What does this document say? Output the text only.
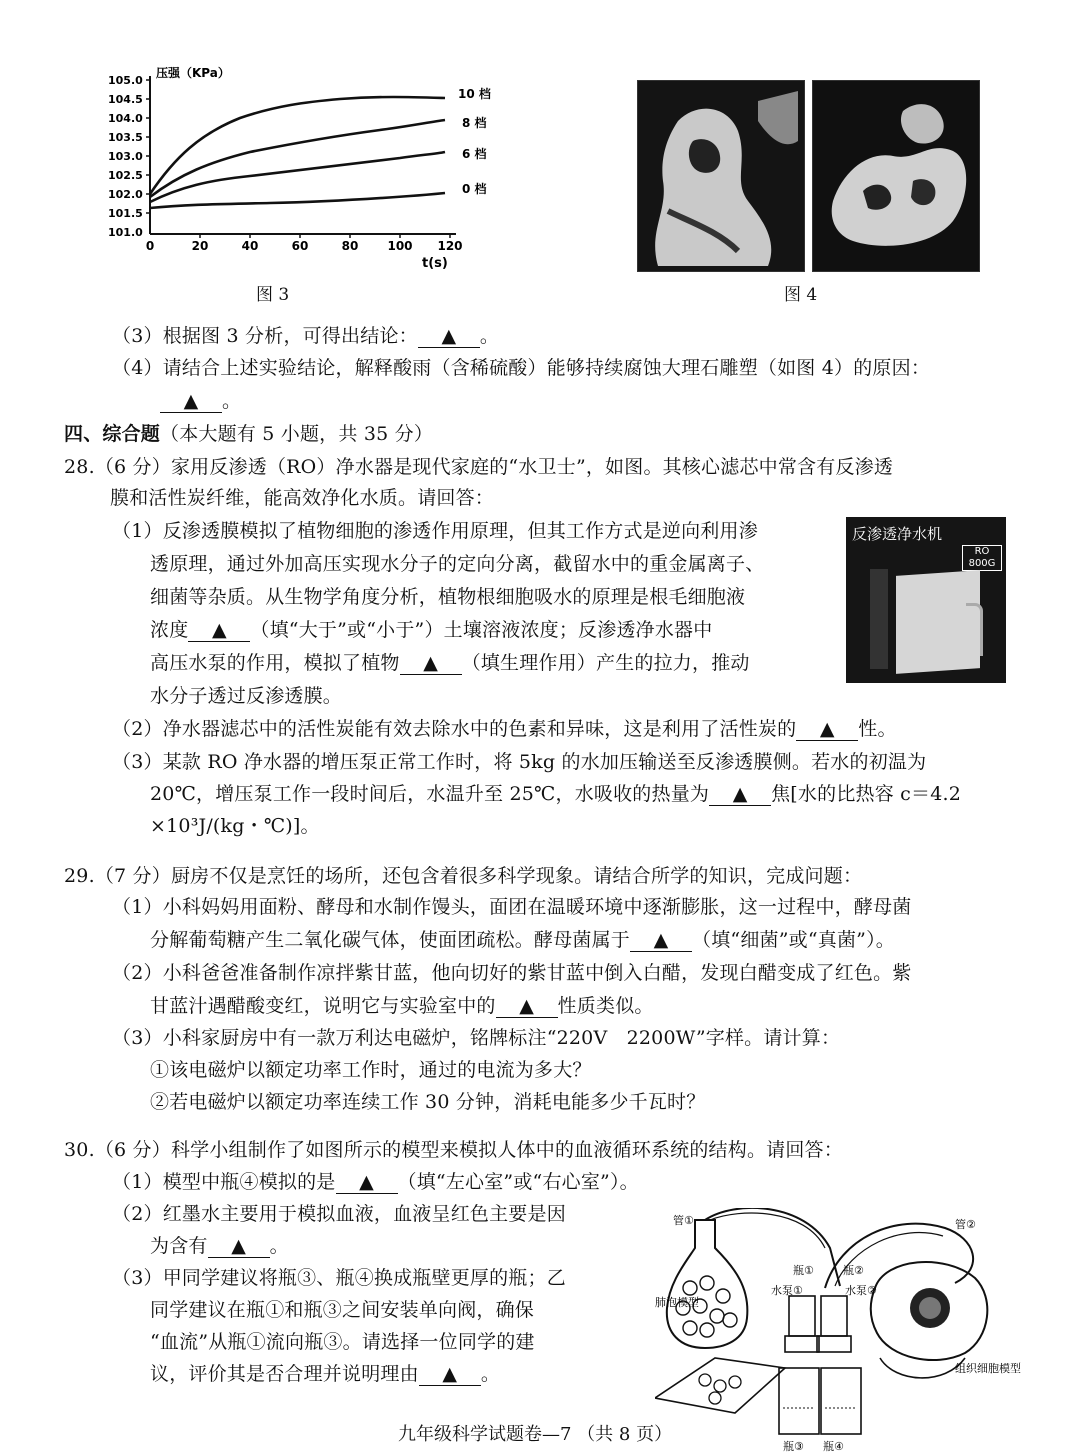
压强（KPa）
t(s)
105.0
104.5
104.0
103.5
103.0
102.5
102.0
101.5
101.0
0	20	40	60	80 100 120
10 档
8 档
6 档
0 档
图 3	图 4
（3）根据图 3 分析，可得出结论： ▲ 。
（4）请结合上述实验结论，解释酸雨（含稀硫酸）能够持续腐蚀大理石雕塑（如图 4）的原因：
▲ 。
四、综合题（本大题有 5 小题，共 35 分）
28.（6 分）家用反渗透（RO）净水器是现代家庭的“水卫士”，如图。其核心滤芯中常含有反渗透
膜和活性炭纤维，能高效净化水质。请回答：
（1）反渗透膜模拟了植物细胞的渗透作用原理，但其工作方式是逆向利用渗
透原理，通过外加高压实现水分子的定向分离，截留水中的重金属离子、
细菌等杂质。从生物学角度分析，植物根细胞吸水的原理是根毛细胞液
浓度 ▲ （填“大于”或“小于”）土壤溶液浓度；反渗透净水器中
高压水泵的作用，模拟了植物 ▲ （填生理作用）产生的拉力，推动
水分子透过反渗透膜。
反渗透净水机
RO 800G
（2）净水器滤芯中的活性炭能有效去除水中的色素和异味，这是利用了活性炭的 ▲ 性。
（3）某款 RO 净水器的增压泵正常工作时，将 5kg 的水加压输送至反渗透膜侧。若水的初温为
20℃，增压泵工作一段时间后，水温升至 25℃，水吸收的热量为 ▲ 焦[水的比热容 c＝4.2
×10³J/(kg・℃)]。
29.（7 分）厨房不仅是烹饪的场所，还包含着很多科学现象。请结合所学的知识，完成问题：
（1）小科妈妈用面粉、酵母和水制作馒头，面团在温暖环境中逐渐膨胀，这一过程中，酵母菌
分解葡萄糖产生二氧化碳气体，使面团疏松。酵母菌属于 ▲ （填“细菌”或“真菌”）。
（2）小科爸爸准备制作凉拌紫甘蓝，他向切好的紫甘蓝中倒入白醋，发现白醋变成了红色。紫
甘蓝汁遇醋酸变红，说明它与实验室中的 ▲ 性质类似。
（3）小科家厨房中有一款万利达电磁炉，铭牌标注“220V　2200W”字样。请计算：
①该电磁炉以额定功率工作时，通过的电流为多大？
②若电磁炉以额定功率连续工作 30 分钟，消耗电能多少千瓦时？
30.（6 分）科学小组制作了如图所示的模型来模拟人体中的血液循环系统的结构。请回答：
（1）模型中瓶④模拟的是 ▲ （填“左心室”或“右心室”）。
（2）红墨水主要用于模拟血液，血液呈红色主要是因
为含有 ▲ 。
（3）甲同学建议将瓶③、瓶④换成瓶壁更厚的瓶；乙
同学建议在瓶①和瓶③之间安装单向阀，确保
“血流”从瓶①流向瓶③。请选择一位同学的建
议，评价其是否合理并说明理由 ▲ 。
管①	管②
肺泡模型
瓶①	瓶②
水泵①	水泵②
瓶③ 瓶④
组织细胞模型
九年级科学试题卷—7 （共 8 页）
